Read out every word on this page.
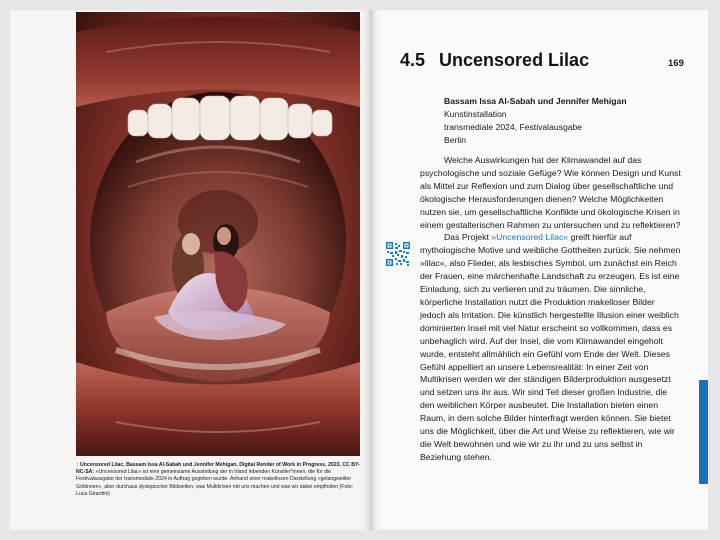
↑ Uncensored Lilac, Bassam Issa Al-Sabah und Jennifer Mehigan, Digital Render of Work in Progress, 2023, CC BY-NC-SA: »Uncensored Lilac« ist eine gemeinsame Ausstellung der in Irland lebenden Künstler*innen, die für die Festivalausgabe der transmediale 2024 in Auftrag gegeben wurde. Anhand einer makellosen Darstellung »gelangweilter Göttinnen«, aber durchaus dystopischer Bildwelten, was Multikrisen mit uns machen und was wir dabei empfinden (Foto: Luca Girardini)

4.5 Uncensored Lilac	169
Bassam Issa Al-Sabah und Jennifer Mehigan
Kunstinstallation
transmediale 2024, Festivalausgabe
Berlin

Welche Auswirkungen hat der Klimawandel auf das psychologische und soziale Gefüge? Wie können Design und Kunst als Mittel zur Reflexion und zum Dialog über gesellschaftliche und ökologische Herausforderungen dienen? Welche Möglichkeiten nutzen sie, um gesellschaftliche Konflikte und ökologische Krisen in einem gestalterischen Rahmen zu untersuchen und zu reflektieren?

Das Projekt »Uncensored Lilac« greift hierfür auf mythologische Motive und weibliche Gottheiten zurück. Sie nehmen »lilac«, also Flieder, als lesbisches Symbol, um zunächst ein Reich der Frauen, eine märchenhafte Landschaft zu erzeugen. Es ist eine Einladung, sich zu verlieren und zu träumen. Die sinnliche, körperliche Installation nutzt die Produktion makelloser Bilder jedoch als Irritation. Die künstlich hergestellte Illusion einer weiblich dominierten Insel mit viel Natur erscheint so vollkommen, dass es unbehaglich wird. Auf der Insel, die vom Klimawandel eingeholt wurde, entsteht allmählich ein Gefühl vom Ende der Welt. Dieses Gefühl appelliert an unsere Lebensrealität: In einer Zeit von Multikrisen werden wir der ständigen Bilderproduktion ausgesetzt und setzen uns ihr aus. Wir sind Teil dieser großen Industrie, die den weiblichen Körper ausbeutet. Die Installation bieten einen Raum, in dem solche Bilder hinterfragt werden können. Sie bietet uns die Möglichkeit, über die Art und Weise zu reflektieren, wie wir die Welt bewohnen und wie wir zu ihr und zu uns selbst in Beziehung stehen.
